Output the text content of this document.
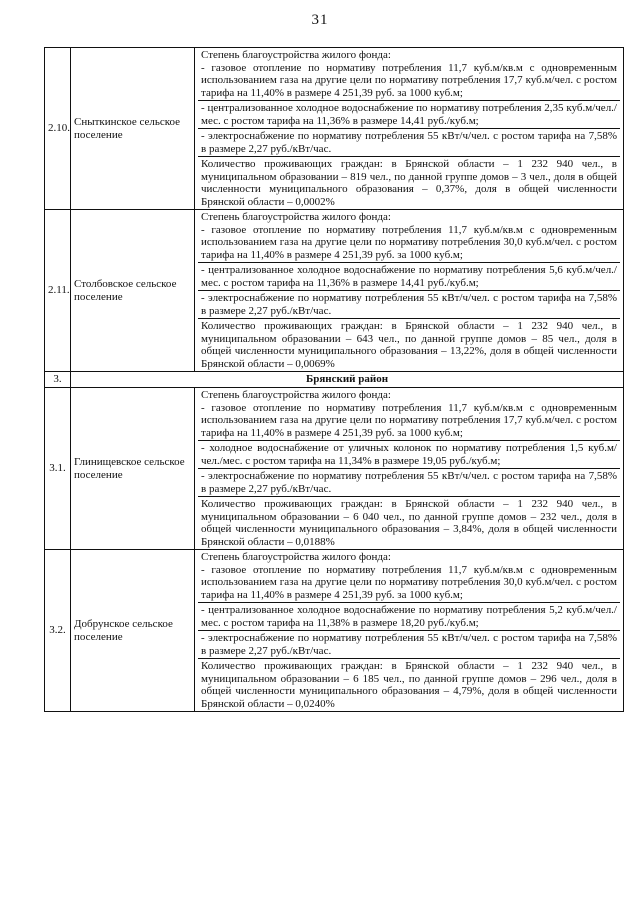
31
2.10.	Сныткинское сельское поселение	Степень благоустройства жилого фонда:

- газовое отопление по нормативу потребления 11,7 куб.м/кв.м с одновременным использованием газа на другие цели по нормативу потребления 17,7 куб.м/чел. с ростом тарифа на 11,40% в размере 4 251,39 руб. за 1000 куб.м;

- централизованное холодное водоснабжение по нормативу потребления 2,35 куб.м/чел./мес. с ростом тарифа на 11,36% в размере 14,41 руб./куб.м;

- электроснабжение по нормативу потребления 55 кВт/ч/чел. с ростом тарифа на 7,58% в размере 2,27 руб./кВт/час.

Количество проживающих граждан: в Брянской области – 1 232 940 чел., в муниципальном образовании – 819 чел., по данной группе домов – 3 чел., доля в общей численности муниципального образования – 0,37%, доля в общей численности Брянской области – 0,0002%

2.11.	Столбовское сельское поселение	Степень благоустройства жилого фонда:

- газовое отопление по нормативу потребления 11,7 куб.м/кв.м с одновременным использованием газа на другие цели по нормативу потребления 30,0 куб.м/чел. с ростом тарифа на 11,40% в размере 4 251,39 руб. за 1000 куб.м;

- централизованное холодное водоснабжение по нормативу потребления 5,6 куб.м/чел./мес. с ростом тарифа на 11,36% в размере 14,41 руб./куб.м;

- электроснабжение по нормативу потребления 55 кВт/ч/чел. с ростом тарифа на 7,58% в размере 2,27 руб./кВт/час.

Количество проживающих граждан: в Брянской области – 1 232 940 чел., в муниципальном образовании – 643 чел., по данной группе домов – 85 чел., доля в общей численности муниципального образования – 13,22%, доля в общей численности Брянской области – 0,0069%

3.	Брянский район	
3.1.	Глинищевское сельское поселение	Степень благоустройства жилого фонда:

- газовое отопление по нормативу потребления 11,7 куб.м/кв.м с одновременным использованием газа на другие цели по нормативу потребления 17,7 куб.м/чел. с ростом тарифа на 11,40% в размере 4 251,39 руб. за 1000 куб.м;

- холодное водоснабжение от уличных колонок по нормативу потребления 1,5 куб.м/чел./мес. с ростом тарифа на 11,34% в размере 19,05 руб./куб.м;

- электроснабжение по нормативу потребления 55 кВт/ч/чел. с ростом тарифа на 7,58% в размере 2,27 руб./кВт/час.

Количество проживающих граждан: в Брянской области – 1 232 940 чел., в муниципальном образовании – 6 040 чел., по данной группе домов – 232 чел., доля в общей численности муниципального образования – 3,84%, доля в общей численности Брянской области – 0,0188%

3.2.	Добрунское сельское поселение	Степень благоустройства жилого фонда:

- газовое отопление по нормативу потребления 11,7 куб.м/кв.м с одновременным использованием газа на другие цели по нормативу потребления 30,0 куб.м/чел. с ростом тарифа на 11,40% в размере 4 251,39 руб. за 1000 куб.м;

- централизованное холодное водоснабжение по нормативу потребления 5,2 куб.м/чел./мес. с ростом тарифа на 11,38% в размере 18,20 руб./куб.м;

- электроснабжение по нормативу потребления 55 кВт/ч/чел. с ростом тарифа на 7,58% в размере 2,27 руб./кВт/час.

Количество проживающих граждан: в Брянской области – 1 232 940 чел., в муниципальном образовании – 6 185 чел., по данной группе домов – 296 чел., доля в общей численности муниципального образования – 4,79%, доля в общей численности Брянской области – 0,0240%
